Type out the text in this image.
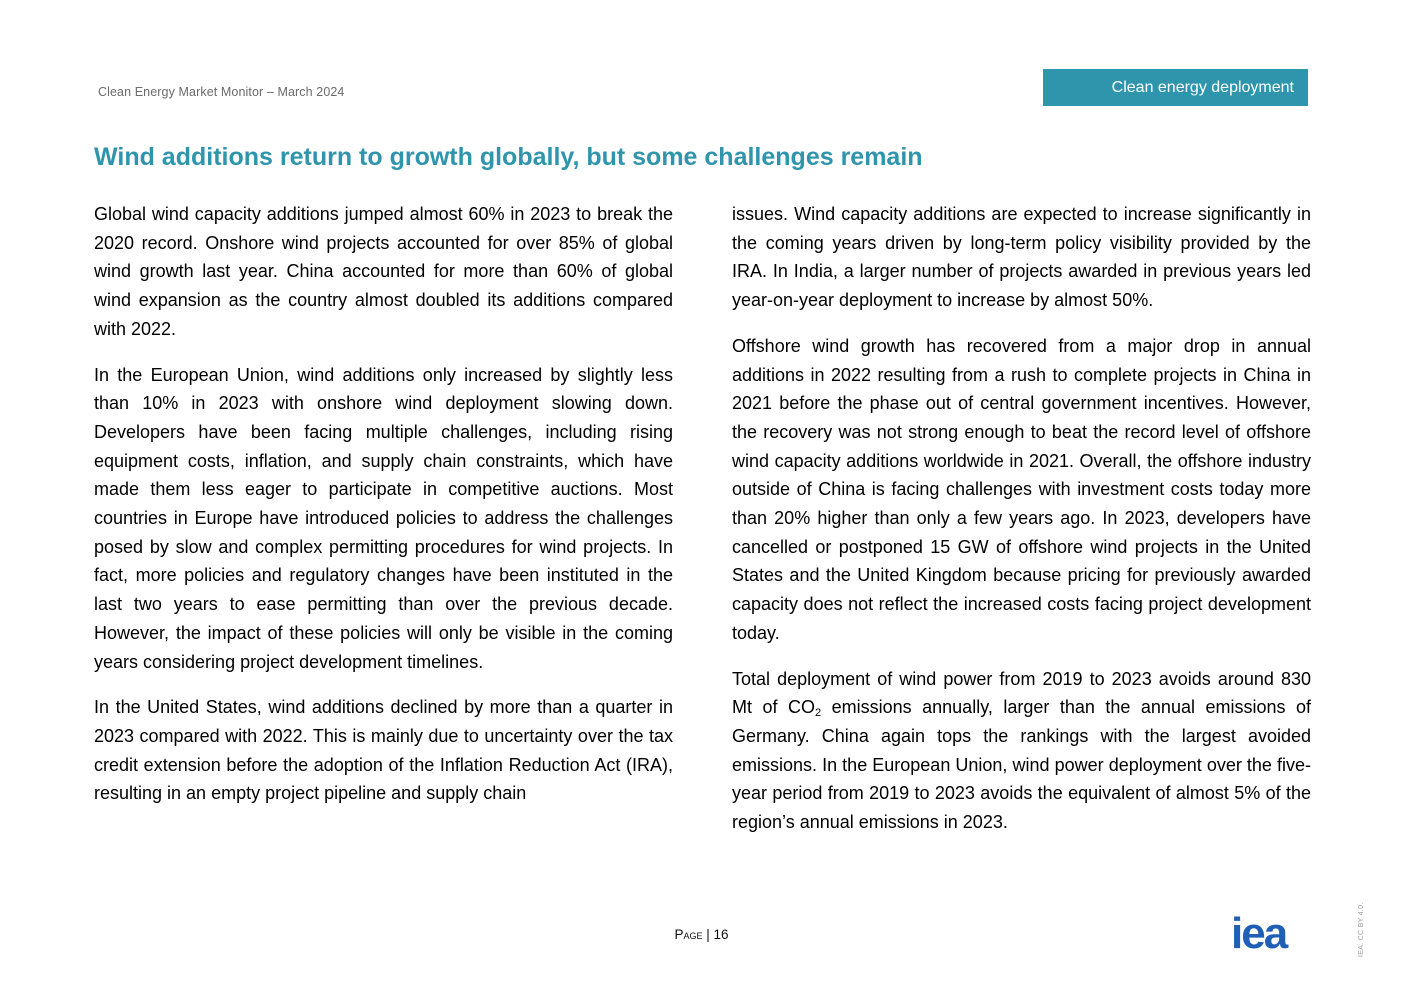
Clean Energy Market Monitor – March 2024	Clean energy deployment
Wind additions return to growth globally, but some challenges remain

Global wind capacity additions jumped almost 60% in 2023 to break the 2020 record. Onshore wind projects accounted for over 85% of global wind growth last year. China accounted for more than 60% of global wind expansion as the country almost doubled its additions compared with 2022.

In the European Union, wind additions only increased by slightly less than 10% in 2023 with onshore wind deployment slowing down. Developers have been facing multiple challenges, including rising equipment costs, inflation, and supply chain constraints, which have made them less eager to participate in competitive auctions. Most countries in Europe have introduced policies to address the challenges posed by slow and complex permitting procedures for wind projects. In fact, more policies and regulatory changes have been instituted in the last two years to ease permitting than over the previous decade. However, the impact of these policies will only be visible in the coming years considering project development timelines.

In the United States, wind additions declined by more than a quarter in 2023 compared with 2022. This is mainly due to uncertainty over the tax credit extension before the adoption of the Inflation Reduction Act (IRA), resulting in an empty project pipeline and supply chain

issues. Wind capacity additions are expected to increase significantly in the coming years driven by long-term policy visibility provided by the IRA. In India, a larger number of projects awarded in previous years led year-on-year deployment to increase by almost 50%.

Offshore wind growth has recovered from a major drop in annual additions in 2022 resulting from a rush to complete projects in China in 2021 before the phase out of central government incentives. However, the recovery was not strong enough to beat the record level of offshore wind capacity additions worldwide in 2021. Overall, the offshore industry outside of China is facing challenges with investment costs today more than 20% higher than only a few years ago. In 2023, developers have cancelled or postponed 15 GW of offshore wind projects in the United States and the United Kingdom because pricing for previously awarded capacity does not reflect the increased costs facing project development today.

Total deployment of wind power from 2019 to 2023 avoids around 830 Mt of $CO_2$ emissions annually, larger than the annual emissions of Germany. China again tops the rankings with the largest avoided emissions. In the European Union, wind power deployment over the five-year period from 2019 to 2023 avoids the equivalent of almost 5% of the region’s annual emissions in 2023.

Page | 16	iea	IEA. CC BY 4.0.
